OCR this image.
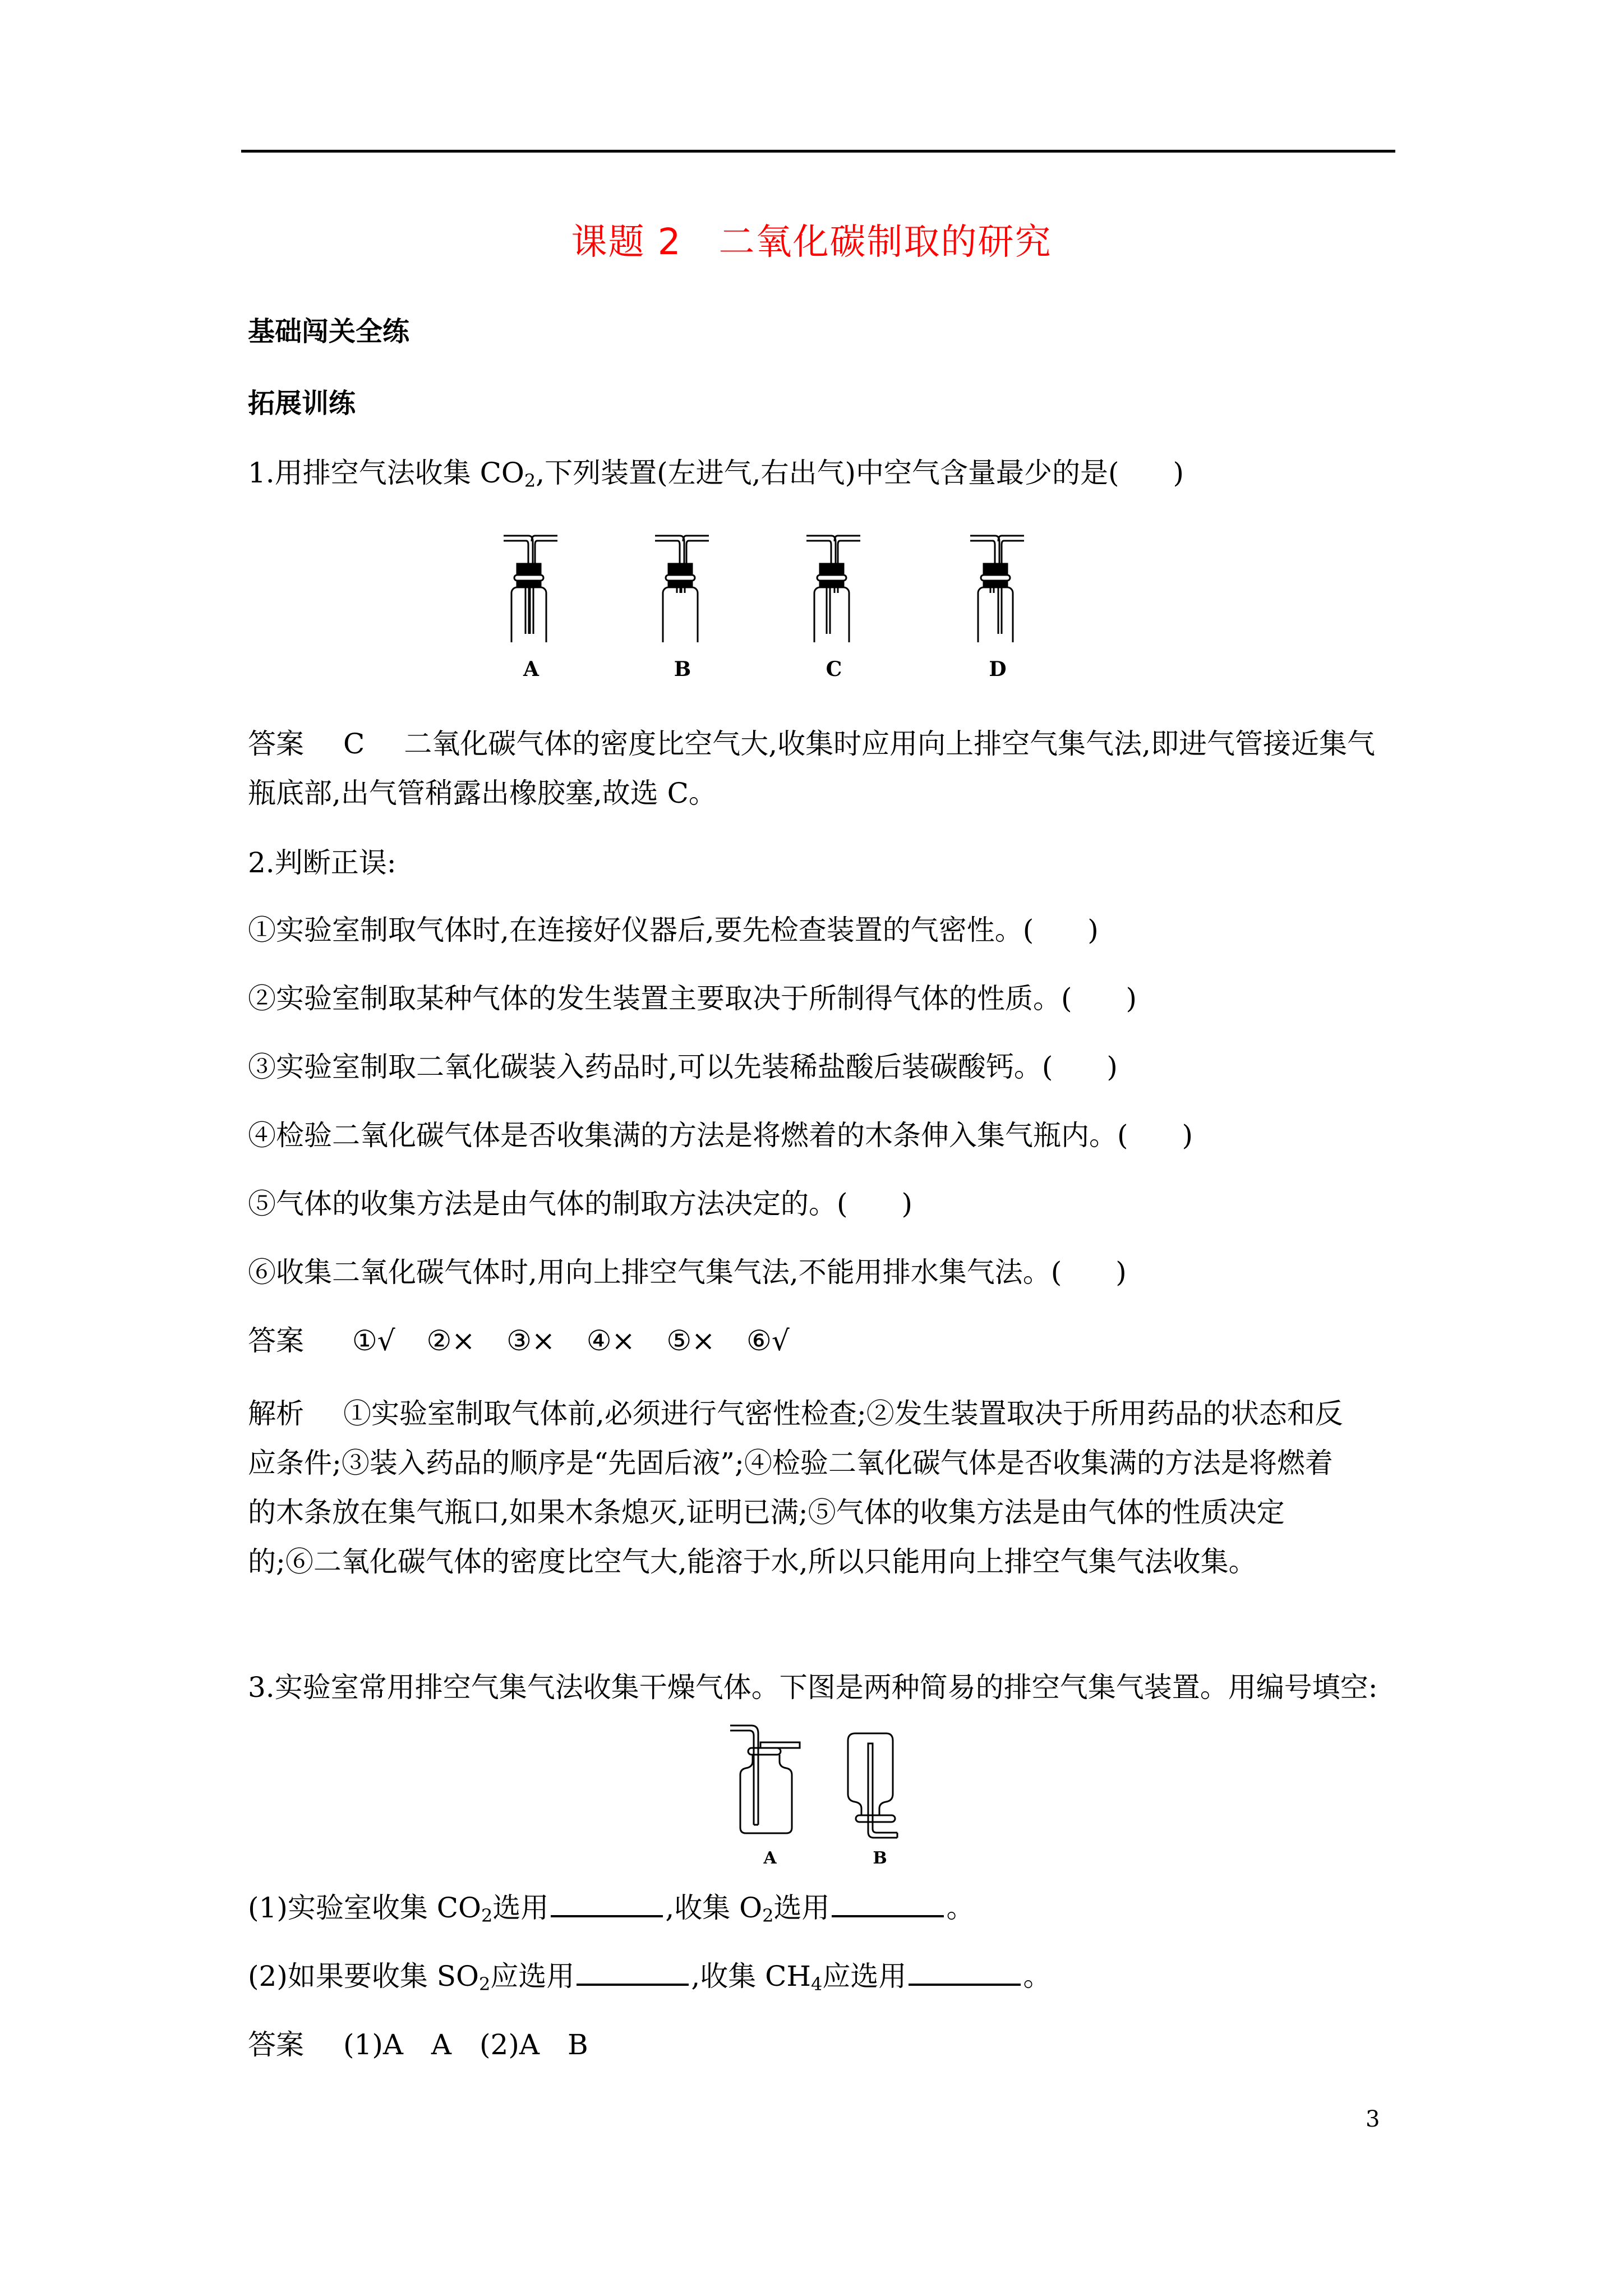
课题 2　二氧化碳制取的研究
基础闯关全练
拓展训练
1.用排空气法收集 $CO_2$,下列装置(左进气,右出气)中空气含量最少的是( )
A	B	C	D
答案 C 二氧化碳气体的密度比空气大,收集时应用向上排空气集气法,即进气管接近集气
瓶底部,出气管稍露出橡胶塞,故选 C。
2.判断正误:
①实验室制取气体时,在连接好仪器后,要先检查装置的气密性。( )
②实验室制取某种气体的发生装置主要取决于所制得气体的性质。( )
③实验室制取二氧化碳装入药品时,可以先装稀盐酸后装碳酸钙。( )
④检验二氧化碳气体是否收集满的方法是将燃着的木条伸入集气瓶内。( )
⑤气体的收集方法是由气体的制取方法决定的。( )
⑥收集二氧化碳气体时,用向上排空气集气法,不能用排水集气法。( )
答案 ①√ ②× ③× ④× ⑤× ⑥√
解析 ①实验室制取气体前,必须进行气密性检查;②发生装置取决于所用药品的状态和反
应条件;③装入药品的顺序是“先固后液”;④检验二氧化碳气体是否收集满的方法是将燃着
的木条放在集气瓶口,如果木条熄灭,证明已满;⑤气体的收集方法是由气体的性质决定
的;⑥二氧化碳气体的密度比空气大,能溶于水,所以只能用向上排空气集气法收集。
3.实验室常用排空气集气法收集干燥气体。下图是两种简易的排空气集气装置。用编号填空:
A	B
(1)实验室收集 $CO_2$选用	,收集 $O_2$选用	。
(2)如果要收集 $SO_2$应选用	,收集 $CH_4$应选用	。
答案 (1)A　A　(2)A　B
3
